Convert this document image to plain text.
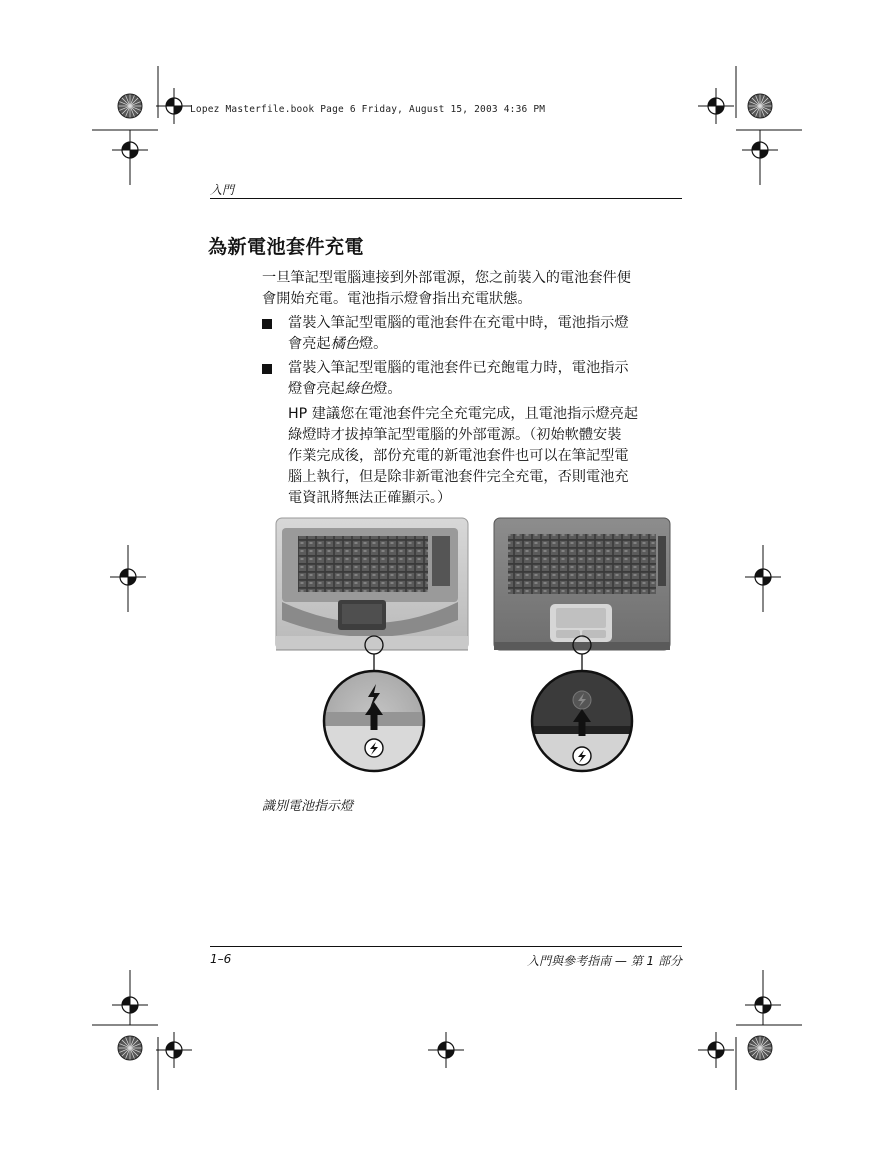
Lopez Masterfile.book Page 6 Friday, August 15, 2003 4:36 PM
入門
為新電池套件充電
一旦筆記型電腦連接到外部電源，您之前裝入的電池套件便
會開始充電。電池指示燈會指出充電狀態。
當裝入筆記型電腦的電池套件在充電中時，電池指示燈
會亮起橘色燈。
當裝入筆記型電腦的電池套件已充飽電力時，電池指示
燈會亮起綠色燈。
HP 建議您在電池套件完全充電完成，且電池指示燈亮起
綠燈時才拔掉筆記型電腦的外部電源。（初始軟體安裝
作業完成後，部份充電的新電池套件也可以在筆記型電
腦上執行，但是除非新電池套件完全充電，否則電池充
電資訊將無法正確顯示。）
識別電池指示燈
1–6	入門與參考指南 — 第 1 部分
